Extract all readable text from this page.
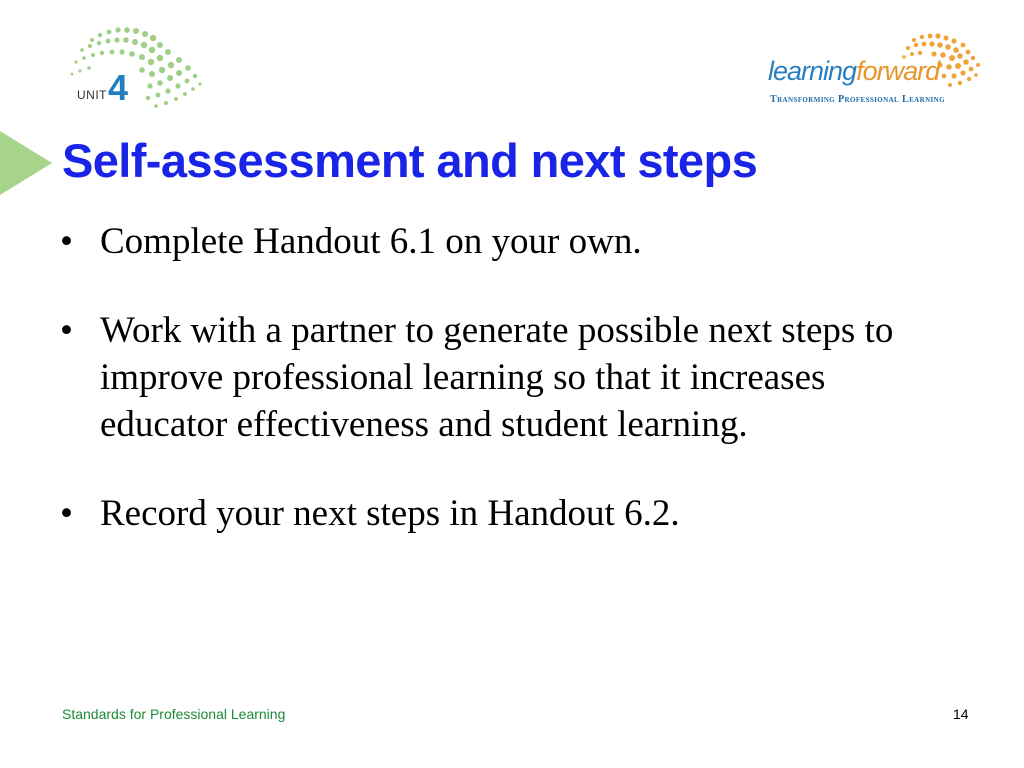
UNIT 4	learningforward
Transforming Professional Learning
Self-assessment and next steps
• Complete Handout 6.1 on your own.
• Work with a partner to generate possible next steps to improve professional learning so that it increases educator effectiveness and student learning.
• Record your next steps in Handout 6.2.
Standards for Professional Learning	14
